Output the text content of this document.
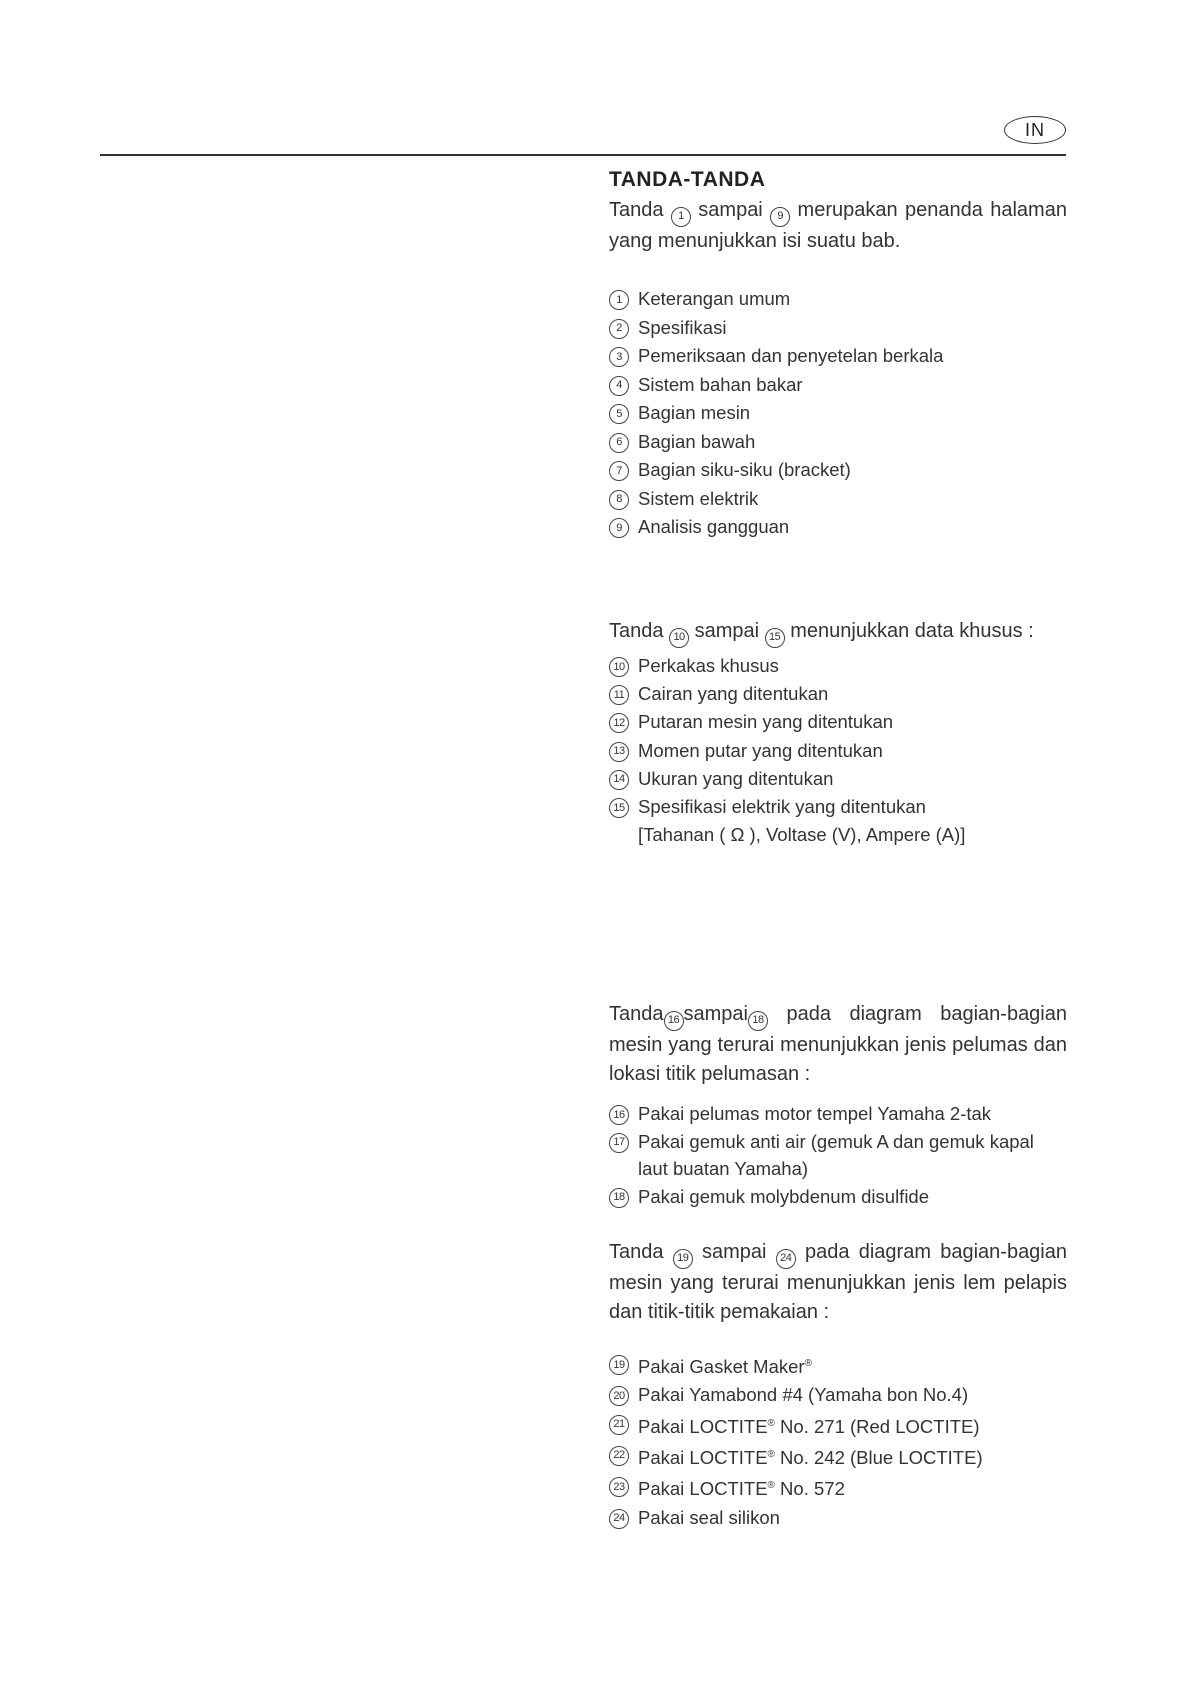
IN
TANDA-TANDA
Tanda 1 sampai 9 merupakan penanda halaman yang menunjukkan isi suatu bab.
1 Keterangan umum
2 Spesifikasi
3 Pemeriksaan dan penyetelan berkala
4 Sistem bahan bakar
5 Bagian mesin
6 Bagian bawah
7 Bagian siku-siku (bracket)
8 Sistem elektrik
9 Analisis gangguan
Tanda 10 sampai 15 menunjukkan data khusus :
10 Perkakas khusus
11 Cairan yang ditentukan
12 Putaran mesin yang ditentukan
13 Momen putar yang ditentukan
14 Ukuran yang ditentukan
15 Spesifikasi elektrik yang ditentukan
[Tahanan ( Ω ), Voltase (V), Ampere (A)]
Tanda 16 sampai 18 pada diagram bagian-bagian mesin yang terurai menunjukkan jenis pelumas dan lokasi titik pelumasan :
16 Pakai pelumas motor tempel Yamaha 2-tak
17 Pakai gemuk anti air (gemuk A dan gemuk kapal
laut buatan Yamaha)
18 Pakai gemuk molybdenum disulfide
Tanda 19 sampai 24 pada diagram bagian-bagian mesin yang terurai menunjukkan jenis lem pelapis dan titik-titik pemakaian :
19 Pakai Gasket Maker®
20 Pakai Yamabond #4 (Yamaha bon No.4)
21 Pakai LOCTITE® No. 271 (Red LOCTITE)
22 Pakai LOCTITE® No. 242 (Blue LOCTITE)
23 Pakai LOCTITE® No. 572
24 Pakai seal silikon
